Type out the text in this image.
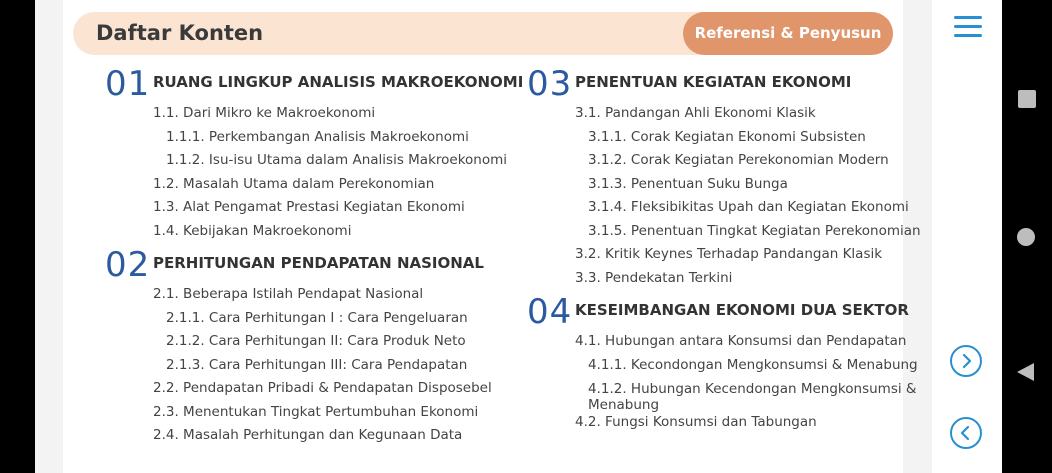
Daftar Konten	Referensi & Penyusun
01 RUANG LINGKUP ANALISIS MAKROEKONOMI
1.1. Dari Mikro ke Makroekonomi
1.1.1. Perkembangan Analisis Makroekonomi
1.1.2. Isu-isu Utama dalam Analisis Makroekonomi
1.2. Masalah Utama dalam Perekonomian
1.3. Alat Pengamat Prestasi Kegiatan Ekonomi
1.4. Kebijakan Makroekonomi
02 PERHITUNGAN PENDAPATAN NASIONAL
2.1. Beberapa Istilah Pendapat Nasional
2.1.1. Cara Perhitungan I : Cara Pengeluaran
2.1.2. Cara Perhitungan II: Cara Produk Neto
2.1.3. Cara Perhitungan III: Cara Pendapatan
2.2. Pendapatan Pribadi & Pendapatan Disposebel
2.3. Menentukan Tingkat Pertumbuhan Ekonomi
2.4. Masalah Perhitungan dan Kegunaan Data
03 PENENTUAN KEGIATAN EKONOMI
3.1. Pandangan Ahli Ekonomi Klasik
3.1.1. Corak Kegiatan Ekonomi Subsisten
3.1.2. Corak Kegiatan Perekonomian Modern
3.1.3. Penentuan Suku Bunga
3.1.4. Fleksibikitas Upah dan Kegiatan Ekonomi
3.1.5. Penentuan Tingkat Kegiatan Perekonomian
3.2. Kritik Keynes Terhadap Pandangan Klasik
3.3. Pendekatan Terkini
04 KESEIMBANGAN EKONOMI DUA SEKTOR
4.1. Hubungan antara Konsumsi dan Pendapatan
4.1.1. Kecondongan Mengkonsumsi & Menabung
4.1.2. Hubungan Kecendongan Mengkonsumsi & Menabung
4.2. Fungsi Konsumsi dan Tabungan
